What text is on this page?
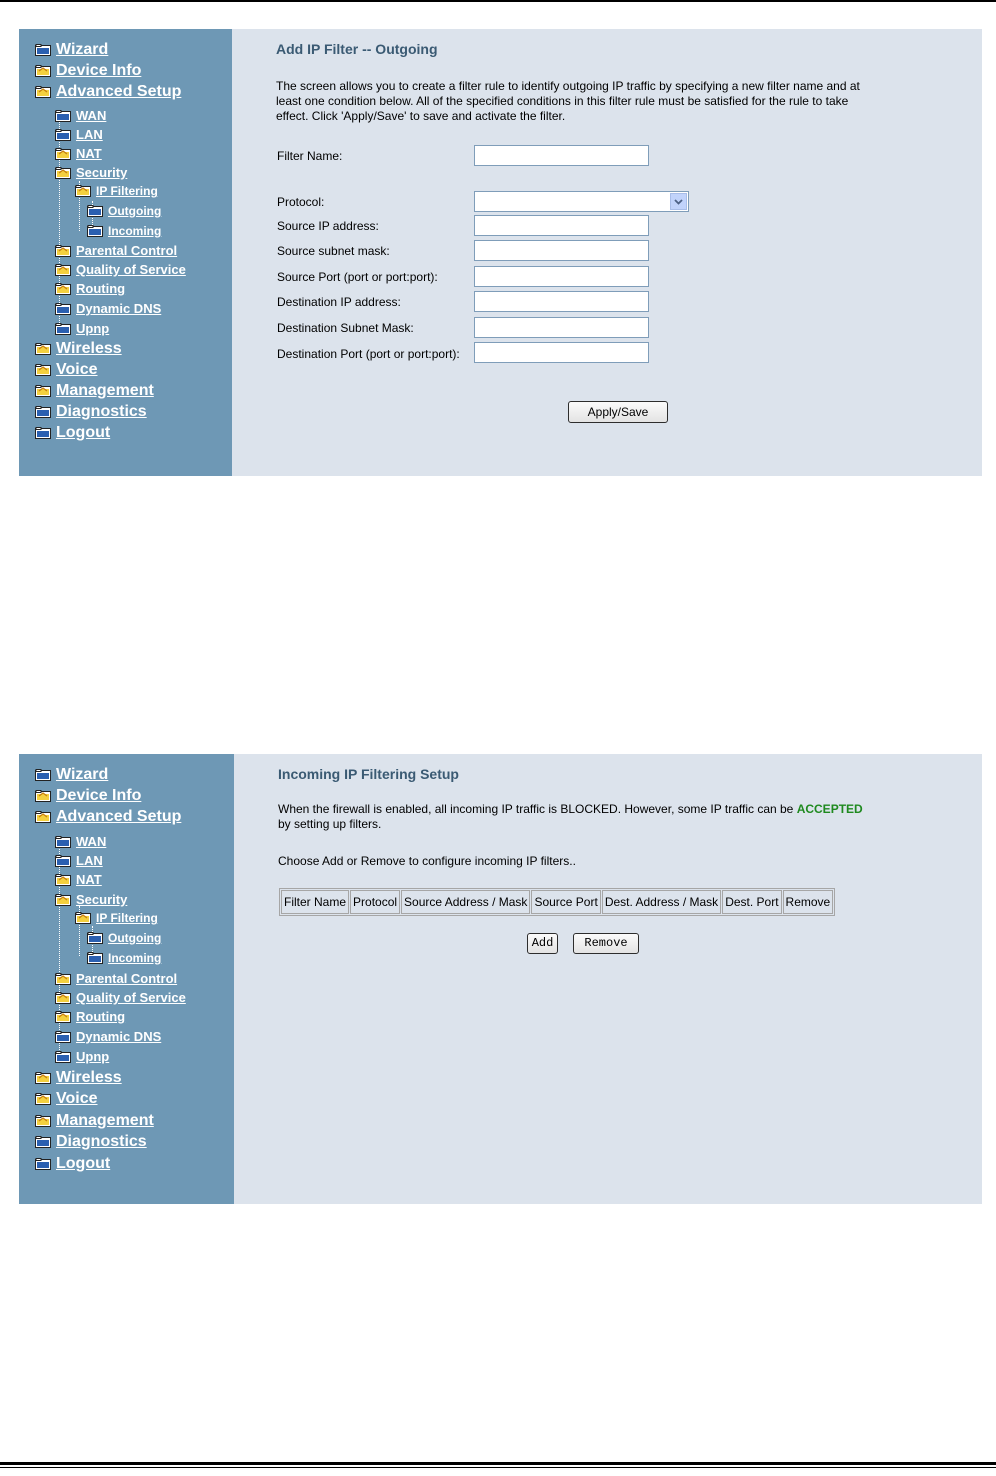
Wizard
Device Info
Advanced Setup
WAN
LAN
NAT
Security
IP Filtering
Outgoing
Incoming
Parental Control
Quality of Service
Routing
Dynamic DNS
Upnp
Wireless
Voice
Management
Diagnostics
Logout
Add IP Filter -- Outgoing
The screen allows you to create a filter rule to identify outgoing IP traffic by specifying a new filter name and at
least one condition below. All of the specified conditions in this filter rule must be satisfied for the rule to take
effect. Click 'Apply/Save' to save and activate the filter.
Filter Name:
Protocol:
Source IP address:
Source subnet mask:
Source Port (port or port:port):
Destination IP address:
Destination Subnet Mask:
Destination Port (port or port:port):
Apply/Save
Wizard
Device Info
Advanced Setup
WAN
LAN
NAT
Security
IP Filtering
Outgoing
Incoming
Parental Control
Quality of Service
Routing
Dynamic DNS
Upnp
Wireless
Voice
Management
Diagnostics
Logout
Incoming IP Filtering Setup
When the firewall is enabled, all incoming IP traffic is BLOCKED. However, some IP traffic can be ACCEPTED
by setting up filters.
Choose Add or Remove to configure incoming IP filters..
Filter Name	Protocol	Source Address / Mask	Source Port	Dest. Address / Mask	Dest. Port	Remove
Add	Remove
